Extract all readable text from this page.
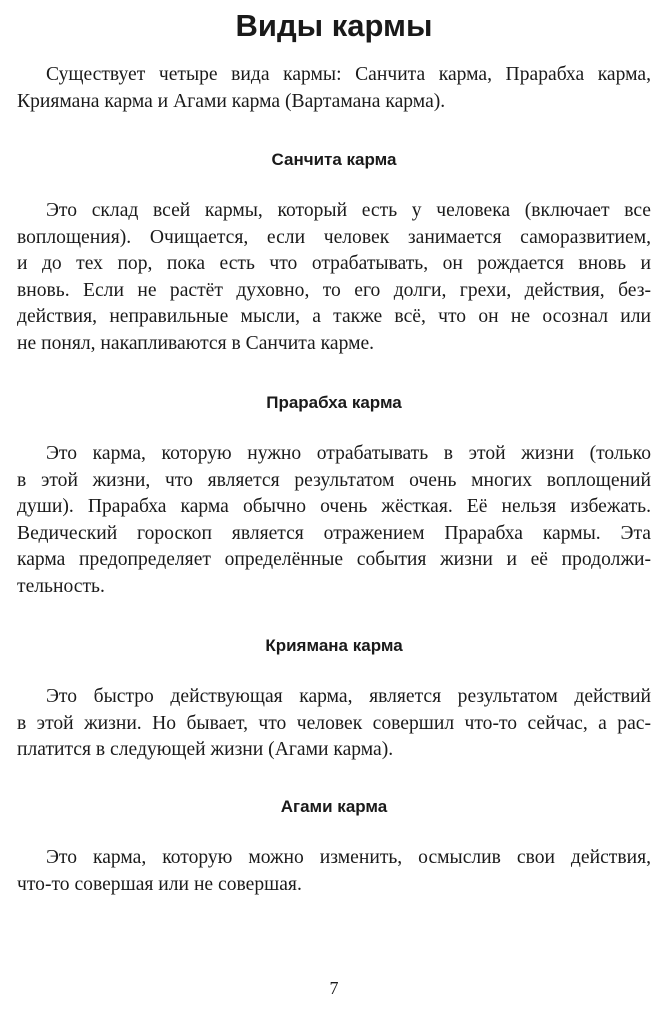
Виды кармы

Существует четыре вида кармы: Санчита карма, Прарабха карма,
Криямана карма и Агами карма (Вартамана карма).

Санчита карма

Это склад всей кармы, который есть у человека (включает все
воплощения). Очищается, если человек занимается саморазвитием,
и до тех пор, пока есть что отрабатывать, он рождается вновь и
вновь. Если не растёт духовно, то его долги, грехи, действия, без-
действия, неправильные мысли, а также всё, что он не осознал или
не понял, накапливаются в Санчита карме.

Прарабха карма

Это карма, которую нужно отрабатывать в этой жизни (только
в этой жизни, что является результатом очень многих воплощений
души). Прарабха карма обычно очень жёсткая. Её нельзя избежать.
Ведический гороскоп является отражением Прарабха кармы. Эта
карма предопределяет определённые события жизни и её продолжи-
тельность.

Криямана карма

Это быстро действующая карма, является результатом действий
в этой жизни. Но бывает, что человек совершил что-то сейчас, а рас-
платится в следующей жизни (Агами карма).

Агами карма

Это карма, которую можно изменить, осмыслив свои действия,
что-то совершая или не совершая.

7
